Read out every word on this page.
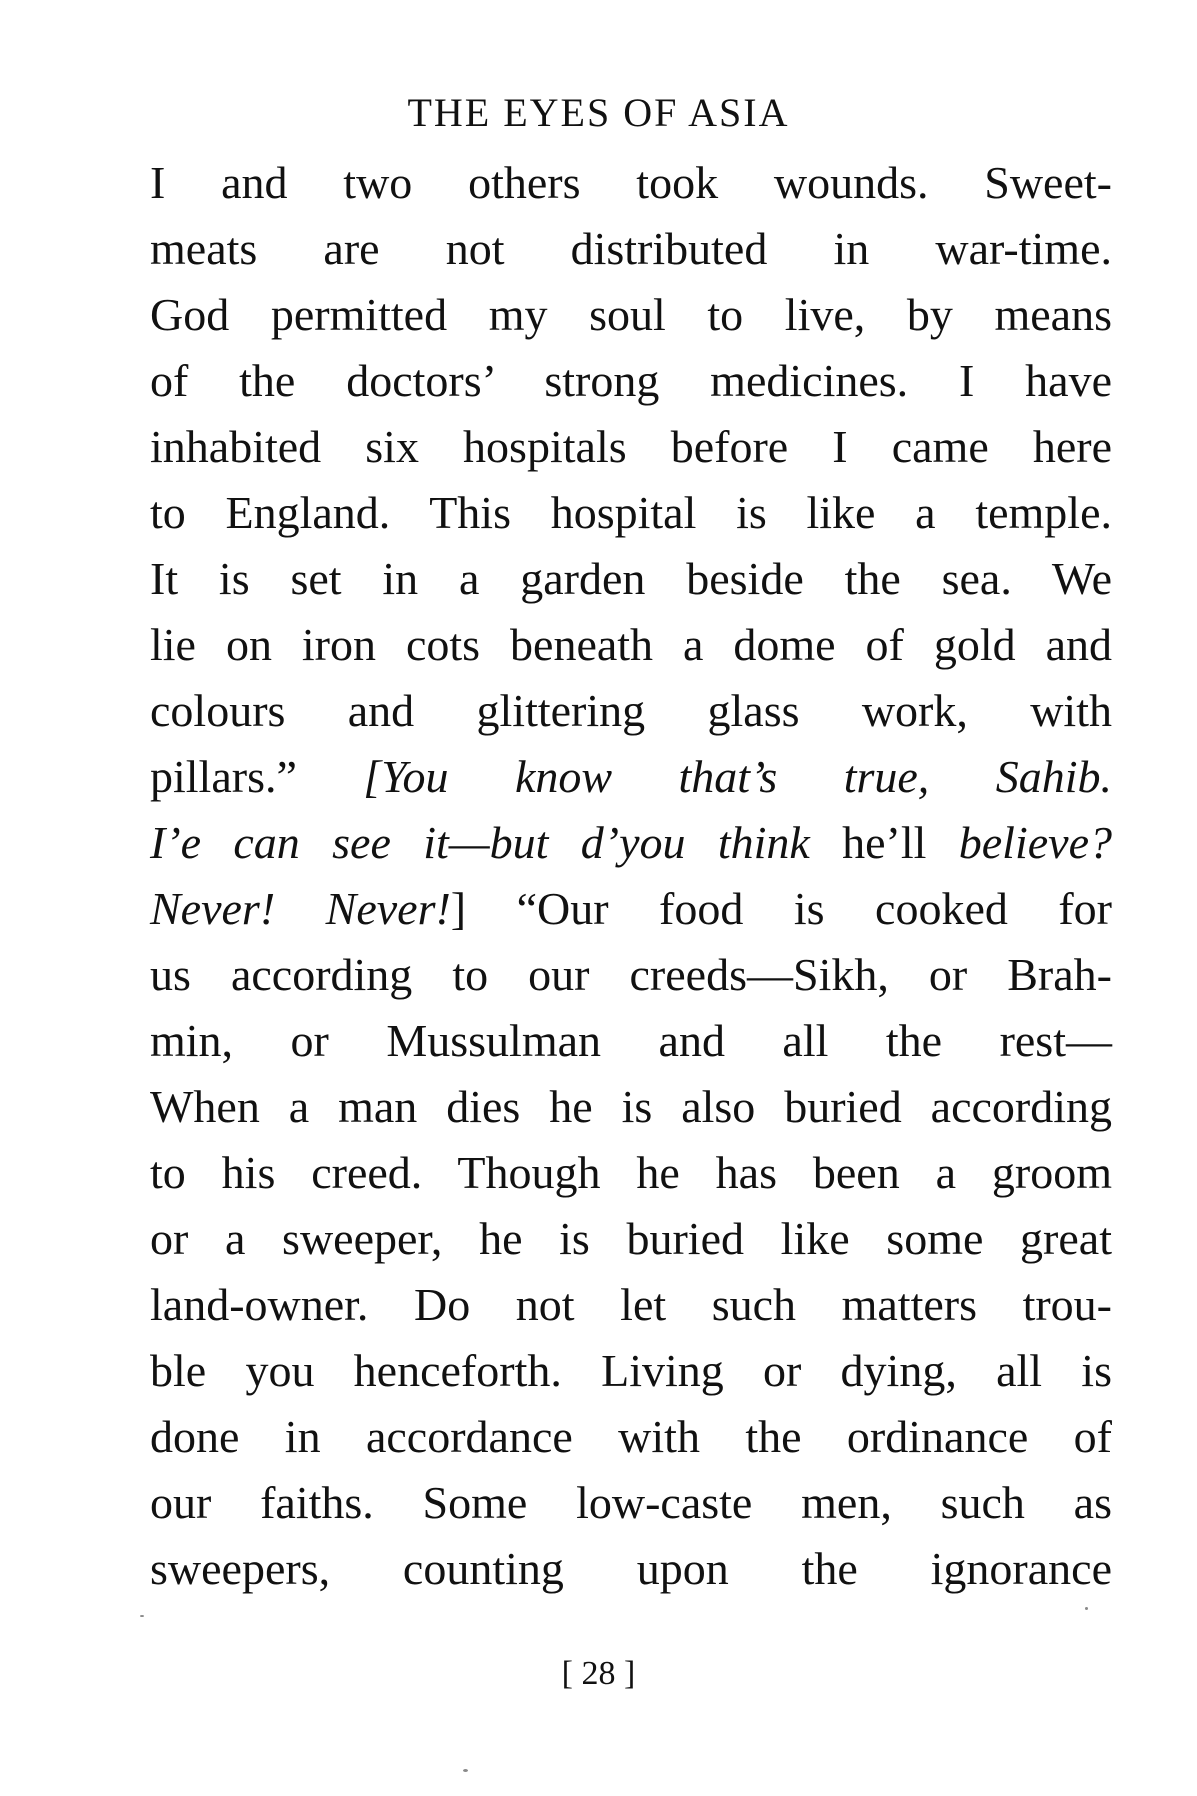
THE EYES OF ASIA
I and two others took wounds. Sweet-
meats are not distributed in war-time.
God permitted my soul to live, by means
of the doctors’ strong medicines. I have
inhabited six hospitals before I came here
to England. This hospital is like a temple.
It is set in a garden beside the sea. We
lie on iron cots beneath a dome of gold and
colours and glittering glass work, with
pillars.” [You know that’s true, Sahib.
I’e can see it—but d’you think he’ll believe?
Never! Never!] “Our food is cooked for
us according to our creeds—Sikh, or Brah-
min, or Mussulman and all the rest—
When a man dies he is also buried according
to his creed. Though he has been a groom
or a sweeper, he is buried like some great
land-owner. Do not let such matters trou-
ble you henceforth. Living or dying, all is
done in accordance with the ordinance of
our faiths. Some low-caste men, such as
sweepers, counting upon the ignorance
[ 28 ]
